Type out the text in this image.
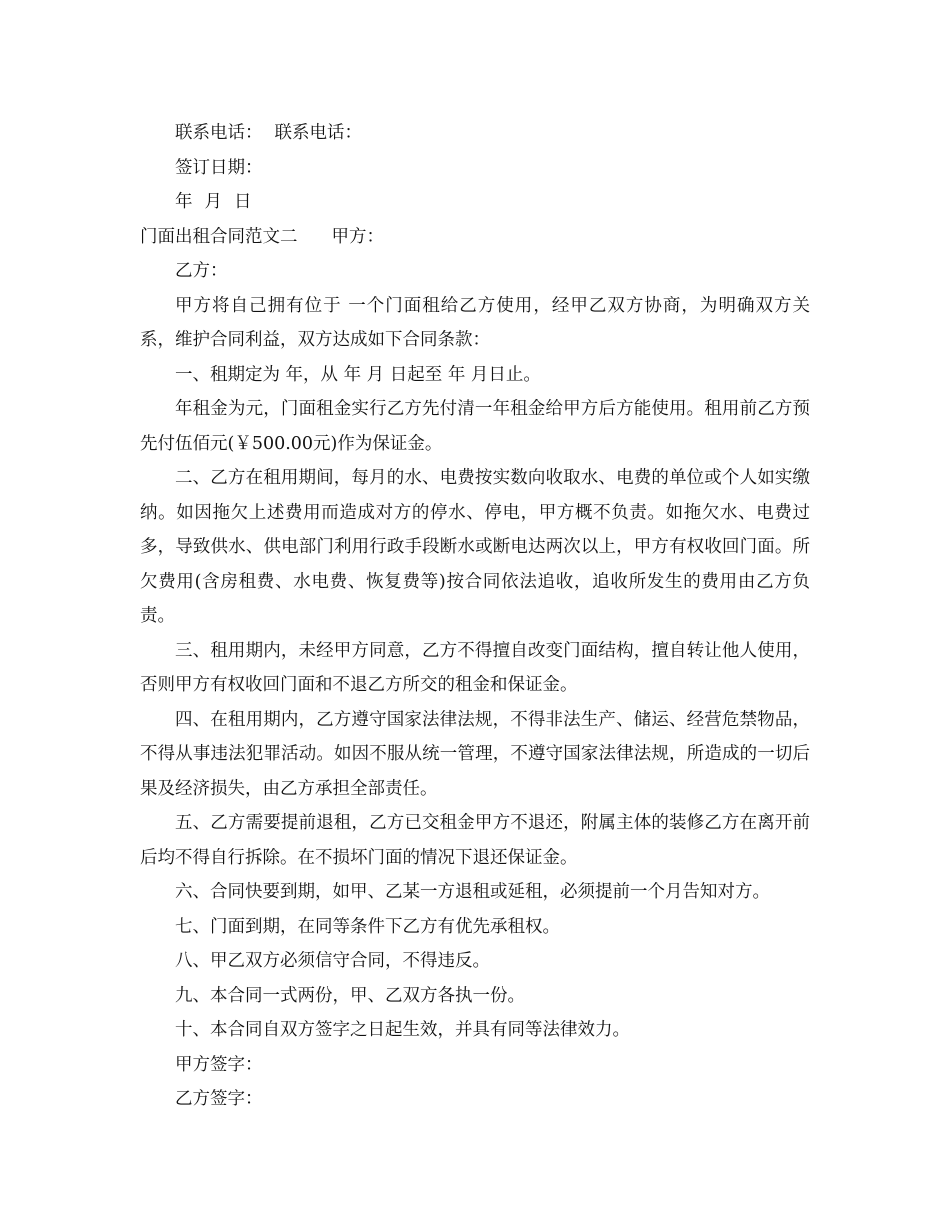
联系电话： 联系电话：

签订日期：

年 月 日

门面出租合同范文二 甲方：

乙方：

甲方将自己拥有位于 一个门面租给乙方使用，经甲乙双方协商，为明确双方关系，维护合同利益，双方达成如下合同条款：

一、租期定为 年，从 年 月 日起至 年 月日止。

年租金为元，门面租金实行乙方先付清一年租金给甲方后方能使用。租用前乙方预先付伍佰元(￥500.00元)作为保证金。

二、乙方在租用期间，每月的水、电费按实数向收取水、电费的单位或个人如实缴纳。如因拖欠上述费用而造成对方的停水、停电，甲方概不负责。如拖欠水、电费过多，导致供水、供电部门利用行政手段断水或断电达两次以上，甲方有权收回门面。所欠费用(含房租费、水电费、恢复费等)按合同依法追收，追收所发生的费用由乙方负责。

三、租用期内，未经甲方同意，乙方不得擅自改变门面结构，擅自转让他人使用，否则甲方有权收回门面和不退乙方所交的租金和保证金。

四、在租用期内，乙方遵守国家法律法规，不得非法生产、储运、经营危禁物品，不得从事违法犯罪活动。如因不服从统一管理，不遵守国家法律法规，所造成的一切后果及经济损失，由乙方承担全部责任。

五、乙方需要提前退租，乙方已交租金甲方不退还，附属主体的装修乙方在离开前后均不得自行拆除。在不损坏门面的情况下退还保证金。

六、合同快要到期，如甲、乙某一方退租或延租，必须提前一个月告知对方。

七、门面到期，在同等条件下乙方有优先承租权。

八、甲乙双方必须信守合同，不得违反。

九、本合同一式两份，甲、乙双方各执一份。

十、本合同自双方签字之日起生效，并具有同等法律效力。

甲方签字：

乙方签字：
